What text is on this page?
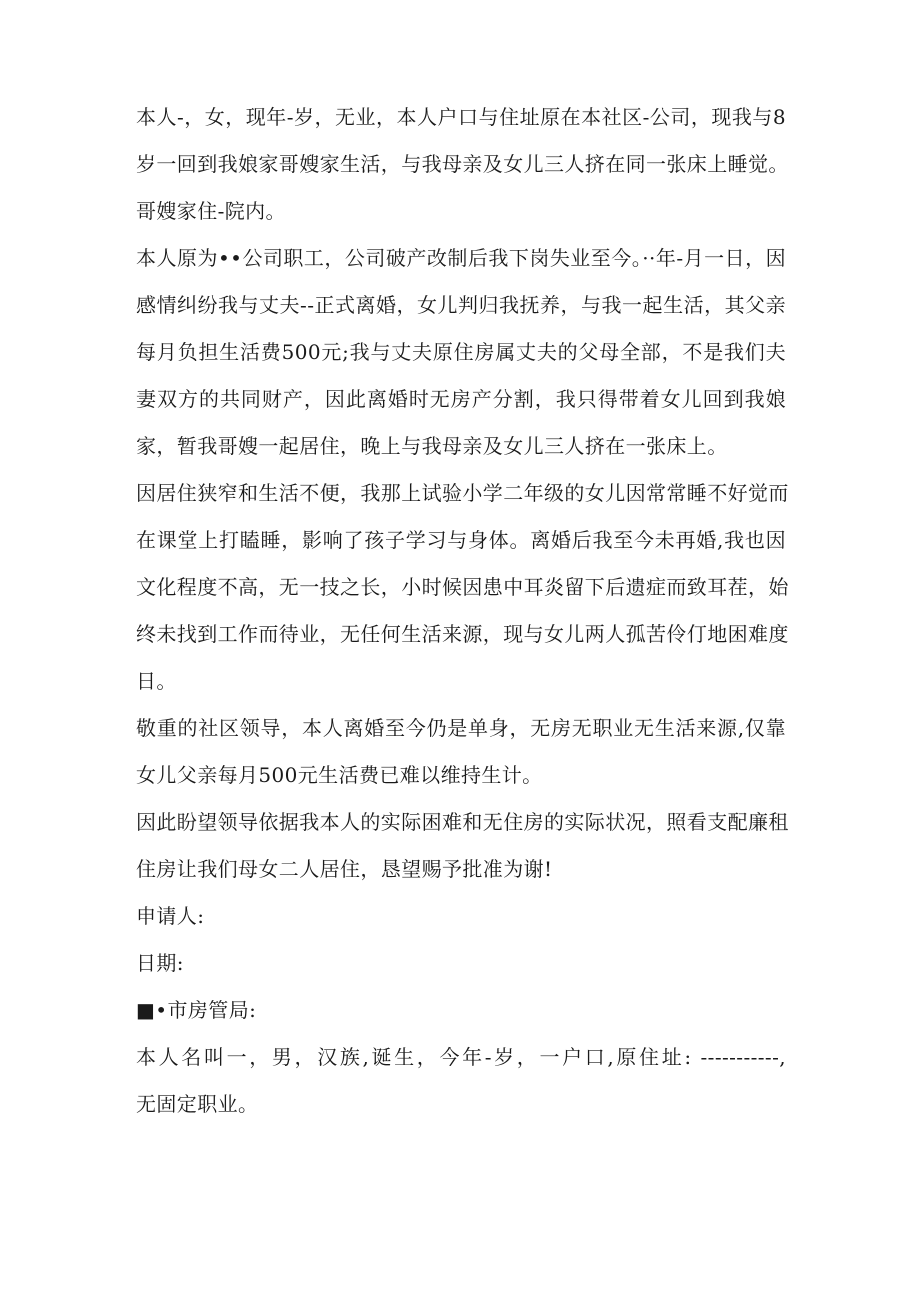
本人-，女，现年-岁，无业，本人户口与住址原在本社区-公司，现我与8
岁一回到我娘家哥嫂家生活，与我母亲及女儿三人挤在同一张床上睡觉。
哥嫂家住-院内。
本人原为••公司职工，公司破产改制后我下岗失业至今。··年-月一日，因
感情纠纷我与丈夫--正式离婚，女儿判归我抚养，与我一起生活，其父亲
每月负担生活费500元;我与丈夫原住房属丈夫的父母全部，不是我们夫
妻双方的共同财产，因此离婚时无房产分割，我只得带着女儿回到我娘
家，暂我哥嫂一起居住，晚上与我母亲及女儿三人挤在一张床上。
因居住狭窄和生活不便，我那上试验小学二年级的女儿因常常睡不好觉而
在课堂上打瞌睡，影响了孩子学习与身体。离婚后我至今未再婚,我也因
文化程度不高，无一技之长，小时候因患中耳炎留下后遗症而致耳茬，始
终未找到工作而待业，无任何生活来源，现与女儿两人孤苦伶仃地困难度
日。
敬重的社区领导，本人离婚至今仍是单身，无房无职业无生活来源,仅靠
女儿父亲每月500元生活费已难以维持生计。
因此盼望领导依据我本人的实际困难和无住房的实际状况，照看支配廉租
住房让我们母女二人居住，恳望赐予批准为谢!
申请人:
日期:
■•市房管局:
本人名叫一，男，汉族,诞生，今年-岁，一户口,原住址: -----------,
无固定职业。
